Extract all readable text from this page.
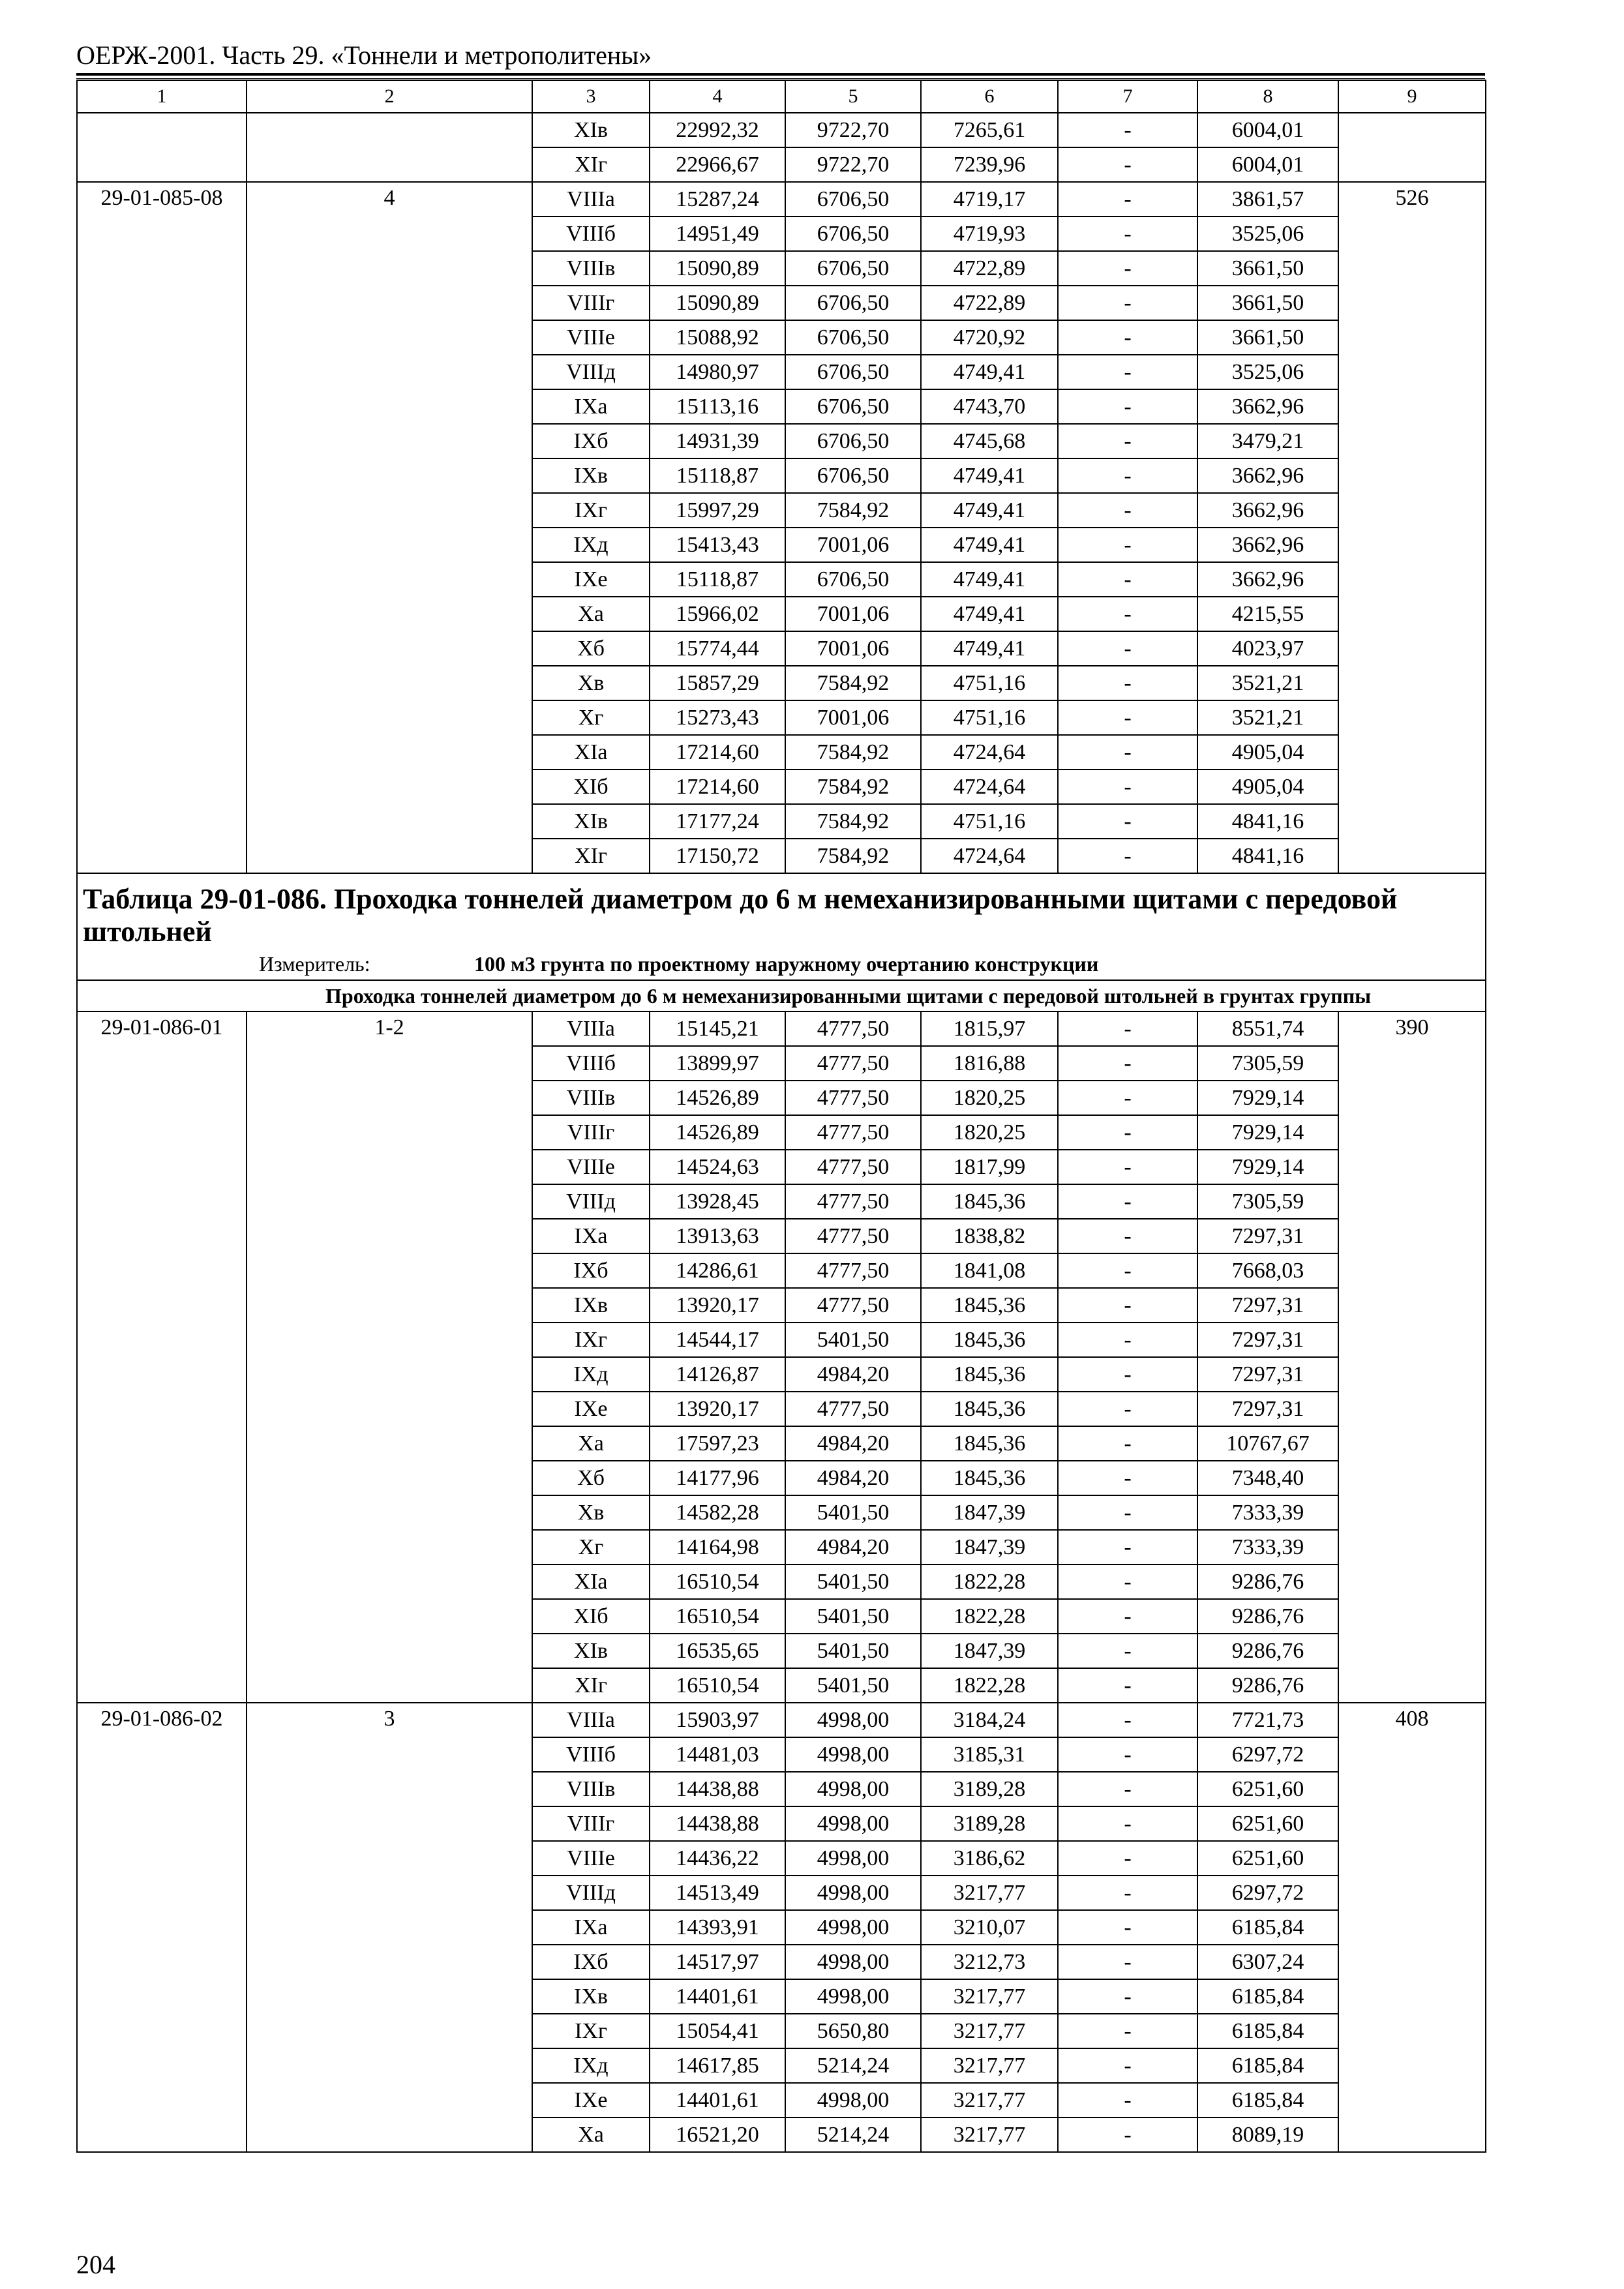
ОЕРЖ-2001. Часть 29. «Тоннели и метрополитены»
1	2	3	4	5	6	7	8	9
		XIв	22992,32	9722,70	7265,61	-	6004,01	
		XIг	22966,67	9722,70	7239,96	-	6004,01	
29-01-085-08	4	VIIIа	15287,24	6706,50	4719,17	-	3861,57	526
		VIIIб	14951,49	6706,50	4719,93	-	3525,06	
		VIIIв	15090,89	6706,50	4722,89	-	3661,50	
		VIIIг	15090,89	6706,50	4722,89	-	3661,50	
		VIIIе	15088,92	6706,50	4720,92	-	3661,50	
		VIIIд	14980,97	6706,50	4749,41	-	3525,06	
		IXа	15113,16	6706,50	4743,70	-	3662,96	
		IXб	14931,39	6706,50	4745,68	-	3479,21	
		IXв	15118,87	6706,50	4749,41	-	3662,96	
		IXг	15997,29	7584,92	4749,41	-	3662,96	
		IXд	15413,43	7001,06	4749,41	-	3662,96	
		IXе	15118,87	6706,50	4749,41	-	3662,96	
		Xа	15966,02	7001,06	4749,41	-	4215,55	
		Xб	15774,44	7001,06	4749,41	-	4023,97	
		Xв	15857,29	7584,92	4751,16	-	3521,21	
		Xг	15273,43	7001,06	4751,16	-	3521,21	
		XIа	17214,60	7584,92	4724,64	-	4905,04	
		XIб	17214,60	7584,92	4724,64	-	4905,04	
		XIв	17177,24	7584,92	4751,16	-	4841,16	
		XIг	17150,72	7584,92	4724,64	-	4841,16	

Таблица 29-01-086. Проходка тоннелей диаметром до 6 м немеханизированными щитами с передовой штольней
Измеритель: 100 м3 грунта по проектному наружному очертанию конструкции								

Проходка тоннелей диаметром до 6 м немеханизированными щитами с передовой штольней в грунтах группы								
29-01-086-01	1-2	VIIIа	15145,21	4777,50	1815,97	-	8551,74	390
		VIIIб	13899,97	4777,50	1816,88	-	7305,59	
		VIIIв	14526,89	4777,50	1820,25	-	7929,14	
		VIIIг	14526,89	4777,50	1820,25	-	7929,14	
		VIIIе	14524,63	4777,50	1817,99	-	7929,14	
		VIIIд	13928,45	4777,50	1845,36	-	7305,59	
		IXа	13913,63	4777,50	1838,82	-	7297,31	
		IXб	14286,61	4777,50	1841,08	-	7668,03	
		IXв	13920,17	4777,50	1845,36	-	7297,31	
		IXг	14544,17	5401,50	1845,36	-	7297,31	
		IXд	14126,87	4984,20	1845,36	-	7297,31	
		IXе	13920,17	4777,50	1845,36	-	7297,31	
		Xа	17597,23	4984,20	1845,36	-	10767,67	
		Xб	14177,96	4984,20	1845,36	-	7348,40	
		Xв	14582,28	5401,50	1847,39	-	7333,39	
		Xг	14164,98	4984,20	1847,39	-	7333,39	
		XIа	16510,54	5401,50	1822,28	-	9286,76	
		XIб	16510,54	5401,50	1822,28	-	9286,76	
		XIв	16535,65	5401,50	1847,39	-	9286,76	
		XIг	16510,54	5401,50	1822,28	-	9286,76	
29-01-086-02	3	VIIIа	15903,97	4998,00	3184,24	-	7721,73	408
		VIIIб	14481,03	4998,00	3185,31	-	6297,72	
		VIIIв	14438,88	4998,00	3189,28	-	6251,60	
		VIIIг	14438,88	4998,00	3189,28	-	6251,60	
		VIIIе	14436,22	4998,00	3186,62	-	6251,60	
		VIIIд	14513,49	4998,00	3217,77	-	6297,72	
		IXа	14393,91	4998,00	3210,07	-	6185,84	
		IXб	14517,97	4998,00	3212,73	-	6307,24	
		IXв	14401,61	4998,00	3217,77	-	6185,84	
		IXг	15054,41	5650,80	3217,77	-	6185,84	
		IXд	14617,85	5214,24	3217,77	-	6185,84	
		IXе	14401,61	4998,00	3217,77	-	6185,84	
		Xа	16521,20	5214,24	3217,77	-	8089,19	
204
